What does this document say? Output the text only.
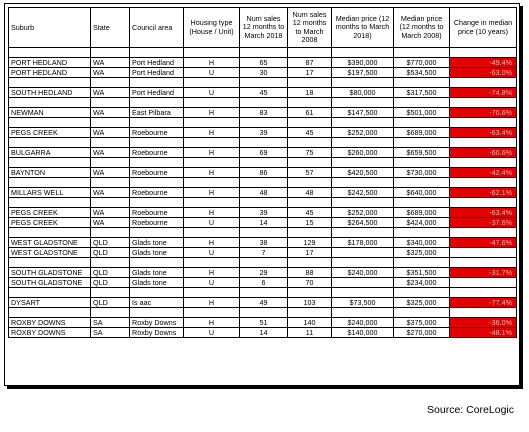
Suburb	State	Council area	Housing type (House / Unit)	Num sales 12 months to March 2018	Num sales 12 months to March 2008	Median price (12 months to March 2018)	Median price (12 months to March 2008)	Change in median price (10 years)

PORT HEDLAND	WA	Port Hedland	H	65	87	$390,000	$770,000	-49.4%
PORT HEDLAND	WA	Port Hedland	U	30	17	$197,500	$534,500	-63.0%

SOUTH HEDLAND	WA	Port Hedland	U	45	18	$80,000	$317,500	-74.8%

NEWMAN	WA	East Pilbara	H	83	61	$147,500	$501,000	-70.6%

PEGS CREEK	WA	Roebourne	H	39	45	$252,000	$689,000	-63.4%

BULGARRA	WA	Roebourne	H	69	75	$260,000	$659,500	-60.6%

BAYNTON	WA	Roebourne	H	86	57	$420,500	$730,000	-42.4%

MILLARS WELL	WA	Roebourne	H	48	48	$242,500	$640,000	-62.1%

PEGS CREEK	WA	Roebourne	H	39	45	$252,000	$689,000	-63.4%
PEGS CREEK	WA	Roebourne	U	14	15	$264,500	$424,000	-37.6%

WEST GLADSTONE	QLD	Glads tone	H	38	129	$178,000	$340,000	-47.6%
WEST GLADSTONE	QLD	Glads tone	U	7	17		$325,000	

SOUTH GLADSTONE	QLD	Glads tone	H	29	88	$240,000	$351,500	-31.7%
SOUTH GLADSTONE	QLD	Glads tone	U	6	70		$234,000	

DYSART	QLD	Is aac	H	49	103	$73,500	$325,000	-77.4%

ROXBY DOWNS	SA	Roxby Downs	H	51	140	$240,000	$375,000	-36.0%
ROXBY DOWNS	SA	Roxby Downs	U	14	11	$140,000	$270,000	-48.1%
Source: CoreLogic
